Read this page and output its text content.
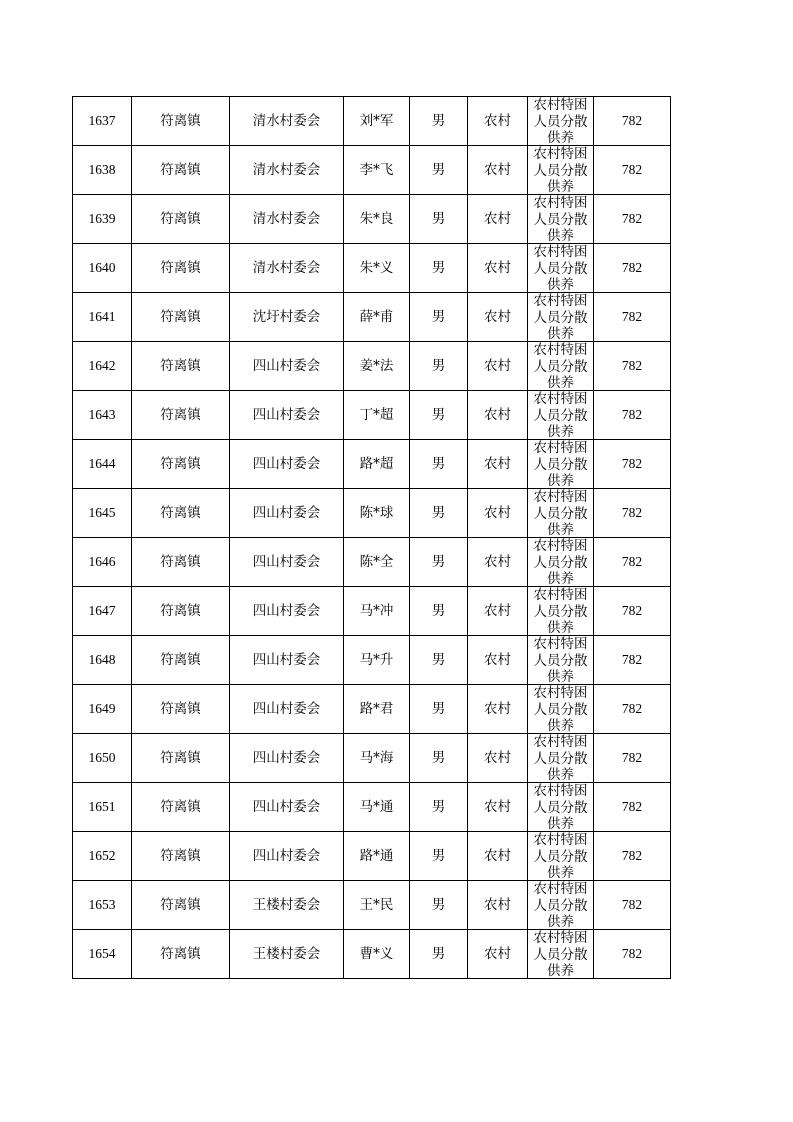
1637	符离镇	清水村委会	刘*军	男	农村	农村特困人员分散供养	782
1638	符离镇	清水村委会	李*飞	男	农村	农村特困人员分散供养	782
1639	符离镇	清水村委会	朱*良	男	农村	农村特困人员分散供养	782
1640	符离镇	清水村委会	朱*义	男	农村	农村特困人员分散供养	782
1641	符离镇	沈圩村委会	薛*甫	男	农村	农村特困人员分散供养	782
1642	符离镇	四山村委会	姜*法	男	农村	农村特困人员分散供养	782
1643	符离镇	四山村委会	丁*超	男	农村	农村特困人员分散供养	782
1644	符离镇	四山村委会	路*超	男	农村	农村特困人员分散供养	782
1645	符离镇	四山村委会	陈*球	男	农村	农村特困人员分散供养	782
1646	符离镇	四山村委会	陈*全	男	农村	农村特困人员分散供养	782
1647	符离镇	四山村委会	马*冲	男	农村	农村特困人员分散供养	782
1648	符离镇	四山村委会	马*升	男	农村	农村特困人员分散供养	782
1649	符离镇	四山村委会	路*君	男	农村	农村特困人员分散供养	782
1650	符离镇	四山村委会	马*海	男	农村	农村特困人员分散供养	782
1651	符离镇	四山村委会	马*通	男	农村	农村特困人员分散供养	782
1652	符离镇	四山村委会	路*通	男	农村	农村特困人员分散供养	782
1653	符离镇	王楼村委会	王*民	男	农村	农村特困人员分散供养	782
1654	符离镇	王楼村委会	曹*义	男	农村	农村特困人员分散供养	782
